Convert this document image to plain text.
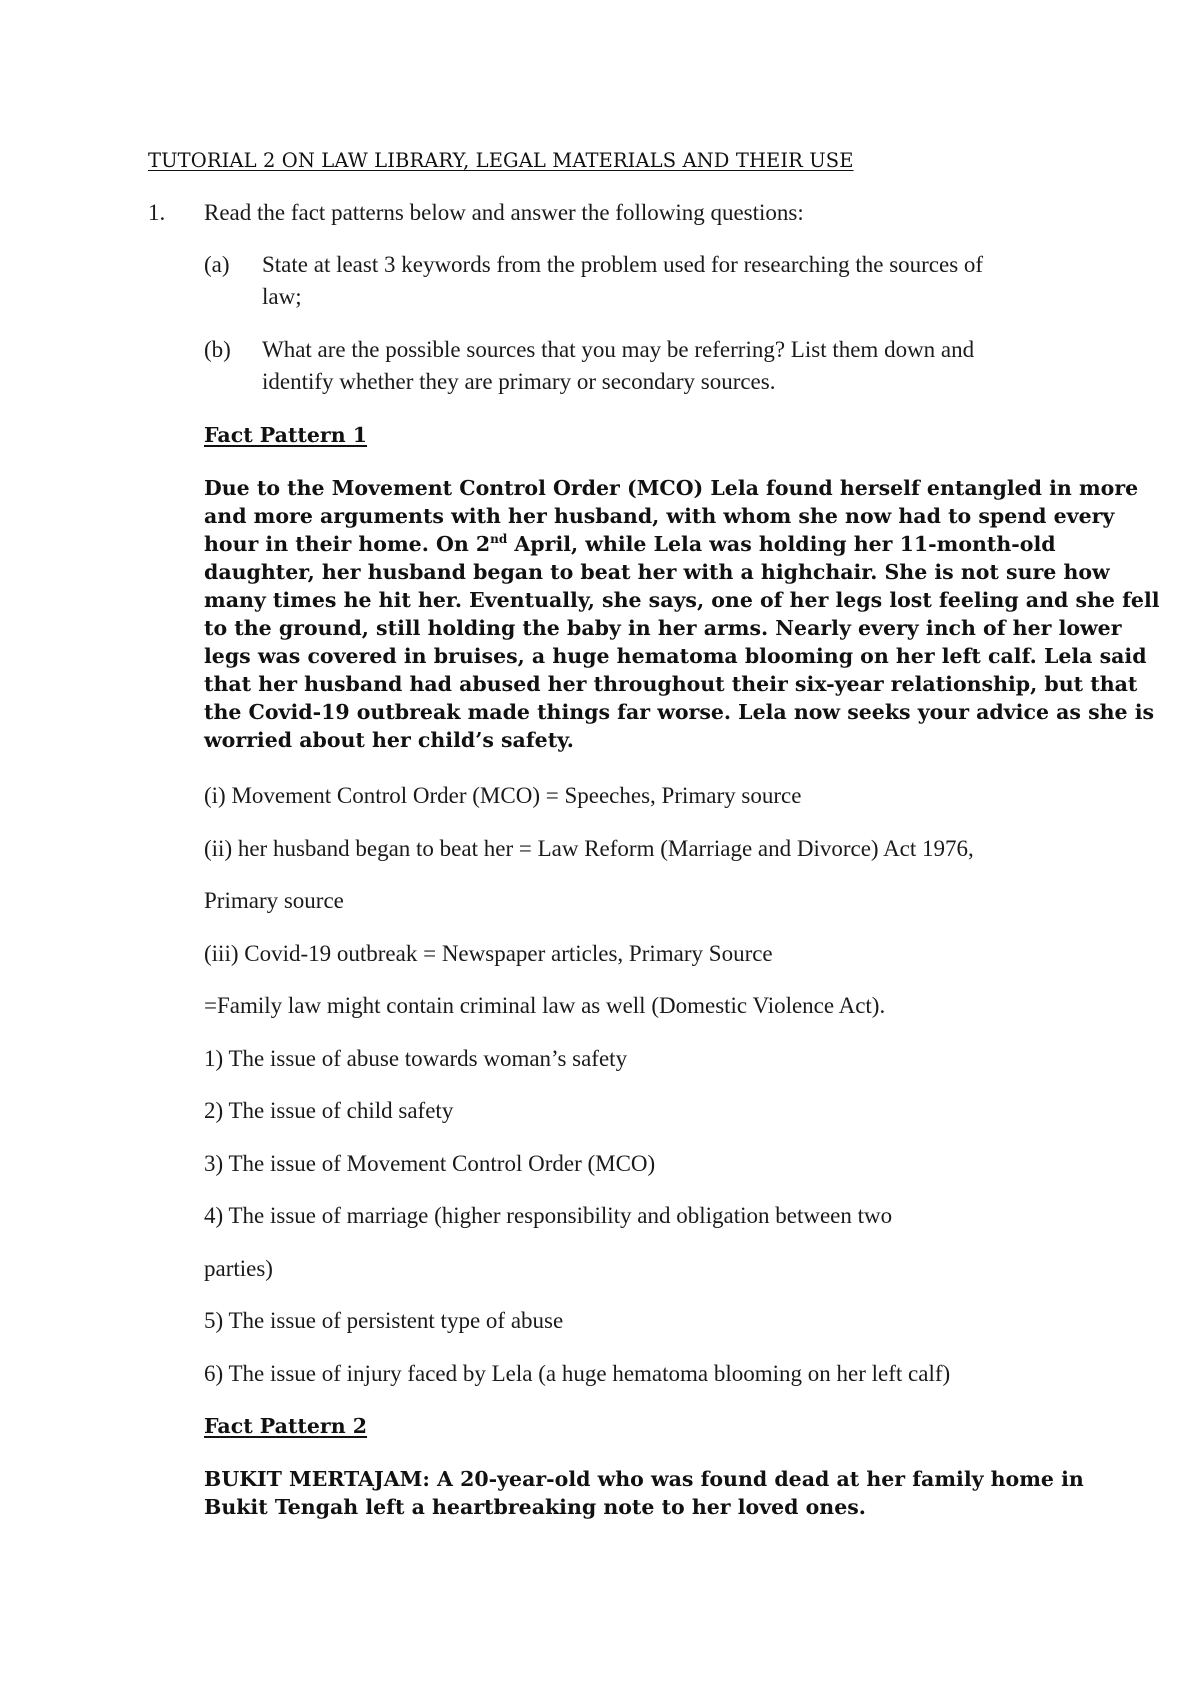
TUTORIAL 2 ON LAW LIBRARY, LEGAL MATERIALS AND THEIR USE
1. Read the fact patterns below and answer the following questions:
(a) State at least 3 keywords from the problem used for researching the sources of
law;
(b) What are the possible sources that you may be referring? List them down and
identify whether they are primary or secondary sources.
Fact Pattern 1
Due to the Movement Control Order (MCO) Lela found herself entangled in more
and more arguments with her husband, with whom she now had to spend every
hour in their home. On 2nd April, while Lela was holding her 11-month-old
daughter, her husband began to beat her with a highchair. She is not sure how
many times he hit her. Eventually, she says, one of her legs lost feeling and she fell
to the ground, still holding the baby in her arms. Nearly every inch of her lower
legs was covered in bruises, a huge hematoma blooming on her left calf. Lela said
that her husband had abused her throughout their six-year relationship, but that
the Covid-19 outbreak made things far worse. Lela now seeks your advice as she is
worried about her child’s safety.
(i) Movement Control Order (MCO) = Speeches, Primary source
(ii) her husband began to beat her = Law Reform (Marriage and Divorce) Act 1976,
Primary source
(iii) Covid-19 outbreak = Newspaper articles, Primary Source
=Family law might contain criminal law as well (Domestic Violence Act).
1) The issue of abuse towards woman’s safety
2) The issue of child safety
3) The issue of Movement Control Order (MCO)
4) The issue of marriage (higher responsibility and obligation between two
parties)
5) The issue of persistent type of abuse
6) The issue of injury faced by Lela (a huge hematoma blooming on her left calf)
Fact Pattern 2
BUKIT MERTAJAM: A 20-year-old who was found dead at her family home in
Bukit Tengah left a heartbreaking note to her loved ones.
